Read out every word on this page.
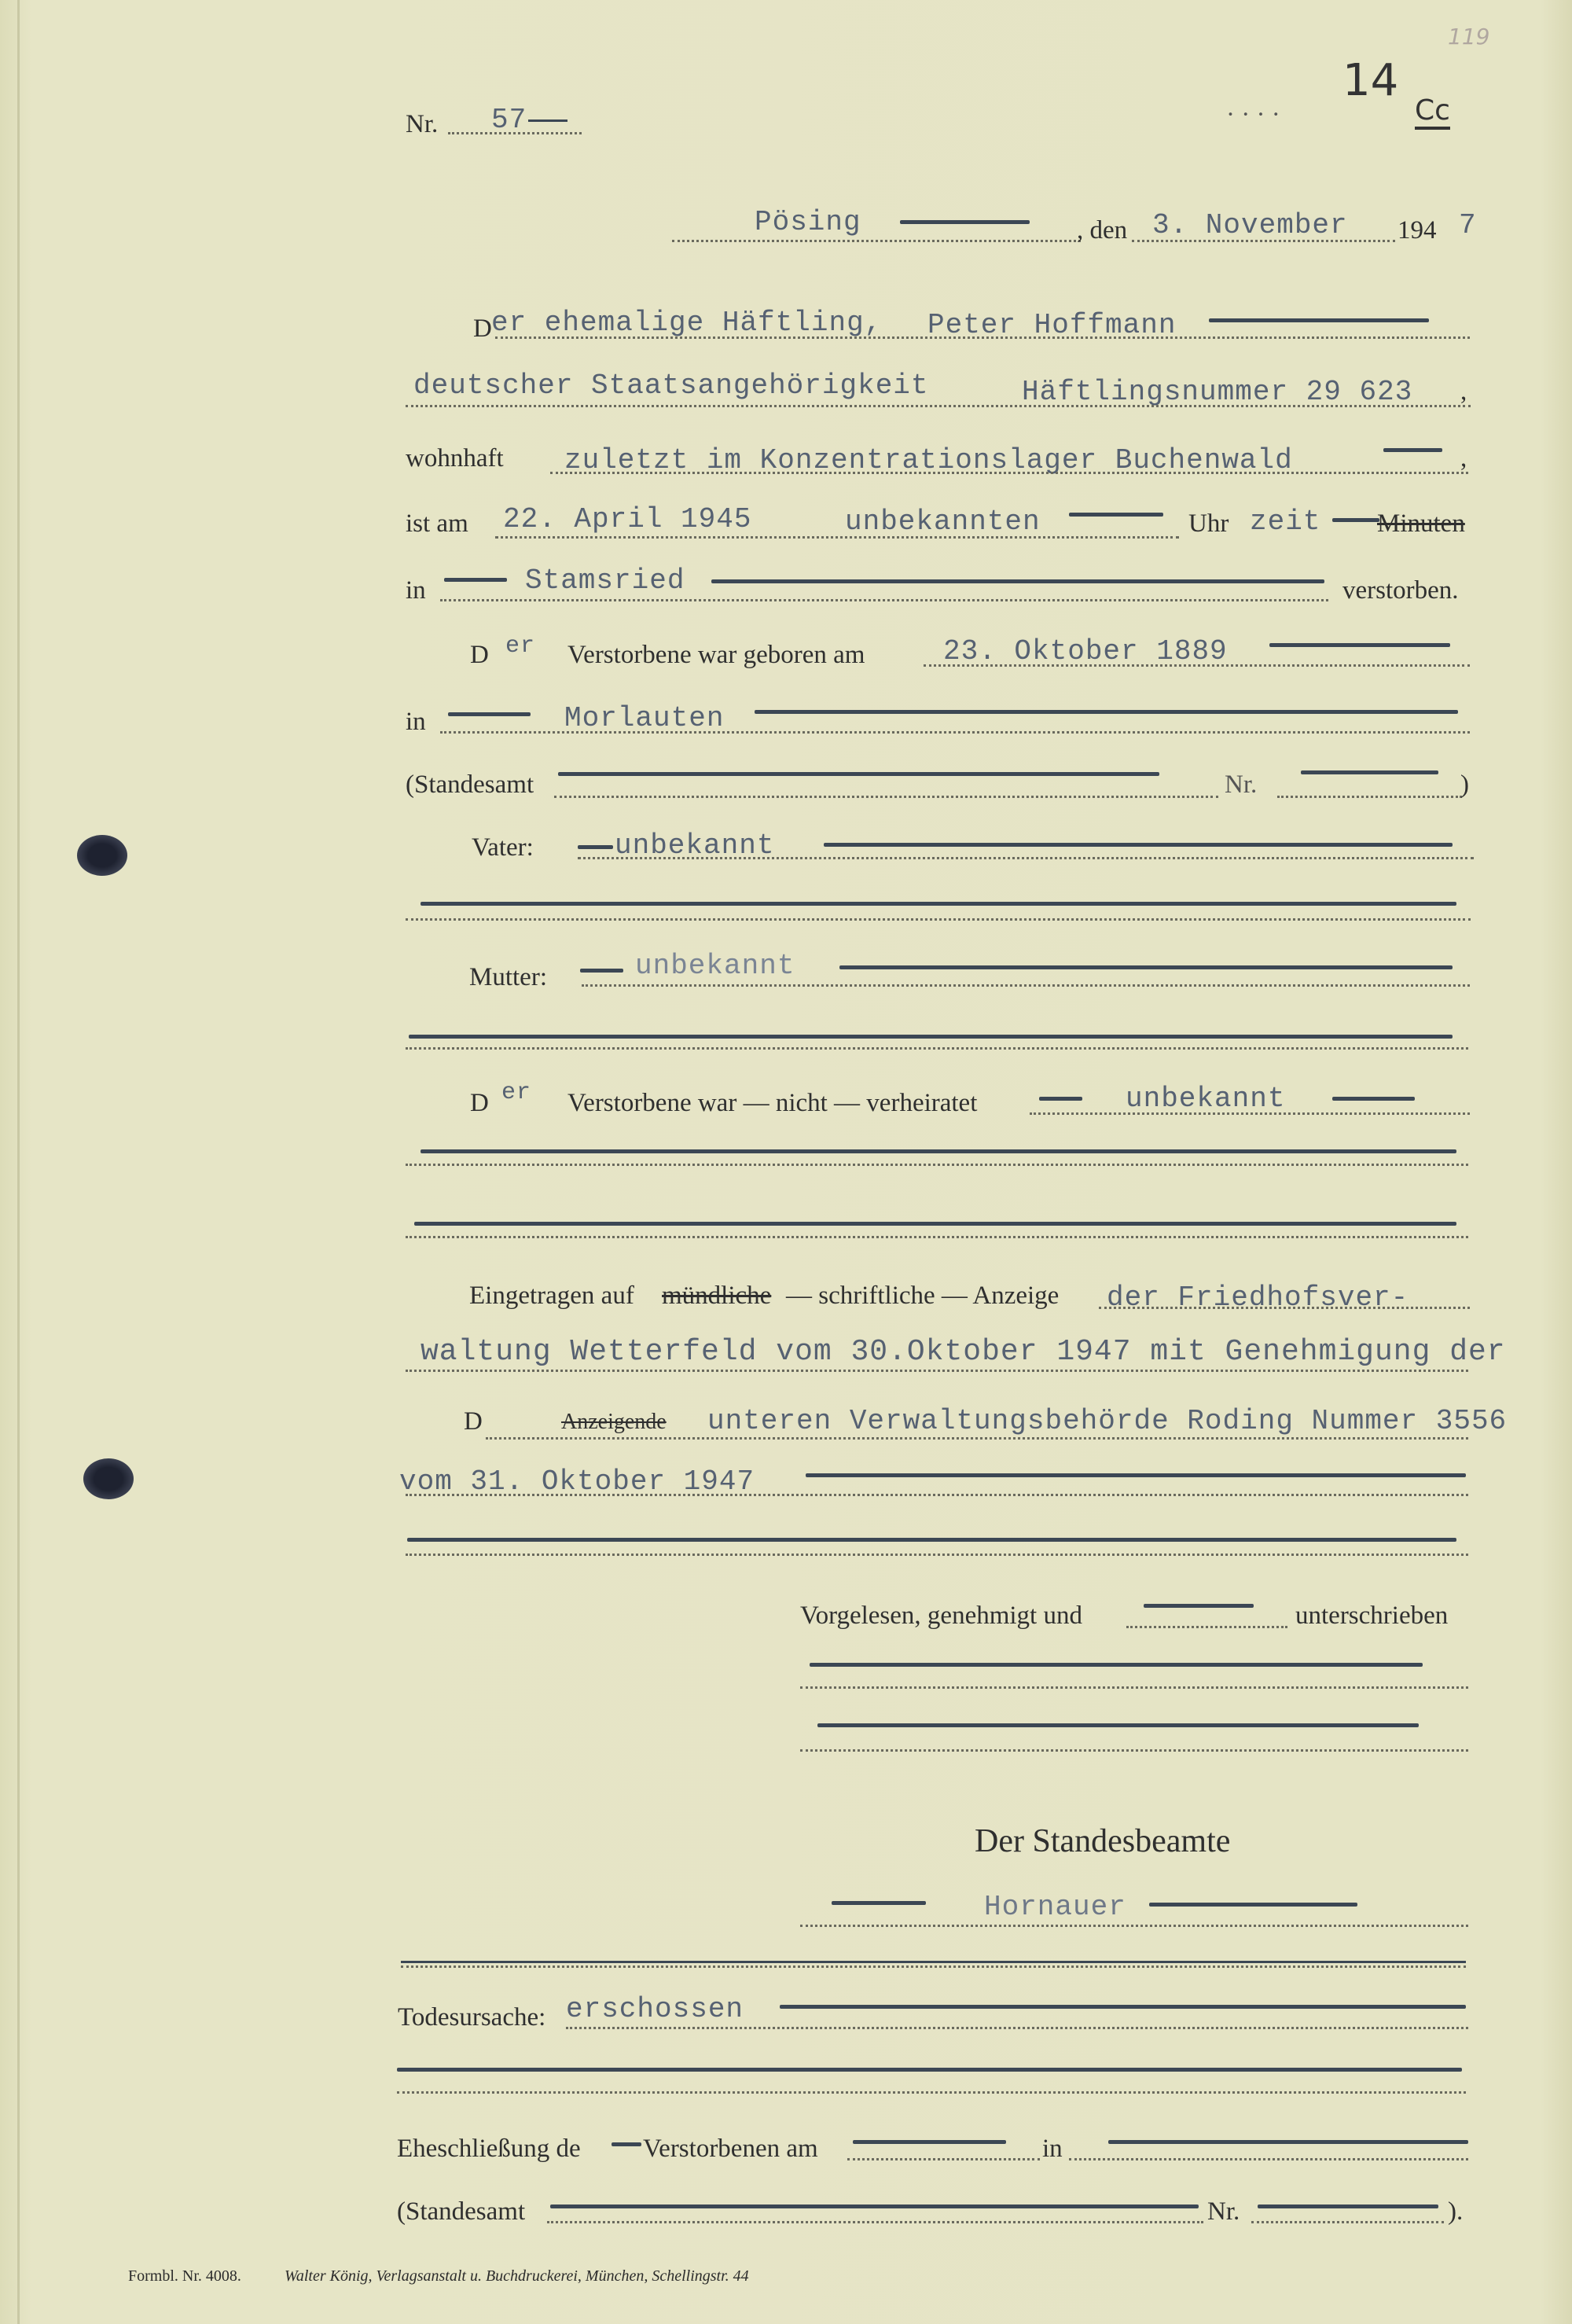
Nr. 57
14
Cc
119
· · · ·
Pösing	, den 3. November 194 7
D er ehemalige Häftling, Peter Hoffmann
deutscher Staatsangehörigkeit	Häftlingsnummer 29 623 ,
wohnhaft zuletzt im Konzentrationslager Buchenwald	,
ist am 22. April 1945	unbekannten	Uhr zeit Minuten
in	Stamsried	verstorben.
D er Verstorbene war geboren am	23. Oktober 1889
in	Morlauten
(Standesamt	Nr.	)
Vater:	unbekannt
Mutter:	unbekannt
D er Verstorbene war — nicht — verheiratet	unbekannt
Eingetragen auf mündliche — schriftliche — Anzeige der Friedhofsver-
waltung Wetterfeld vom 30.Oktober 1947 mit Genehmigung der
D	Anzeigende unteren Verwaltungsbehörde Roding Nummer 3556
vom 31. Oktober 1947
Vorgelesen, genehmigt und	unterschrieben
Der Standesbeamte
Hornauer
Todesursache: erschossen
Eheschließung de Verstorbenen am	in
(Standesamt	Nr.	).
Formbl. Nr. 4008.	Walter König, Verlagsanstalt u. Buchdruckerei, München, Schellingstr. 44
